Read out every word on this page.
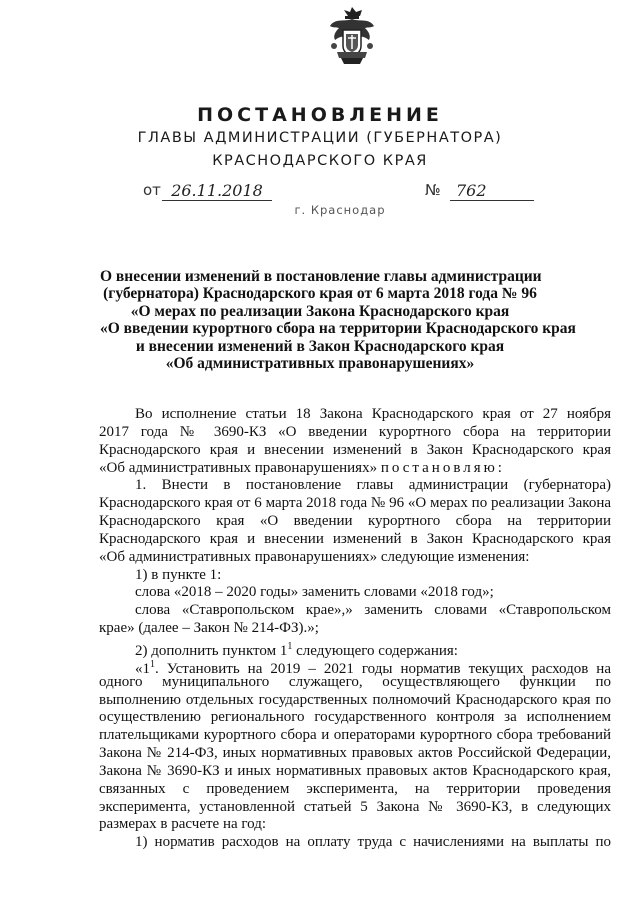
ПОСТАНОВЛЕНИЕ
ГЛАВЫ АДМИНИСТРАЦИИ (ГУБЕРНАТОРА)
КРАСНОДАРСКОГО КРАЯ
от 26.11.2018	№ 762
г. Краснодар
О внесении изменений в постановление главы администрации
(губернатора) Краснодарского края от 6 марта 2018 года № 96
«О мерах по реализации Закона Краснодарского края
«О введении курортного сбора на территории Краснодарского края
и внесении изменений в Закон Краснодарского края
«Об административных правонарушениях»
Во исполнение статьи 18 Закона Краснодарского края от 27 ноября
2017 года № 3690-КЗ «О введении курортного сбора на территории
Краснодарского края и внесении изменений в Закон Краснодарского края
«Об административных правонарушениях» постановляю:
1. Внести в постановление главы администрации (губернатора)
Краснодарского края от 6 марта 2018 года № 96 «О мерах по реализации Закона
Краснодарского края «О введении курортного сбора на территории
Краснодарского края и внесении изменений в Закон Краснодарского края
«Об административных правонарушениях» следующие изменения:
1) в пункте 1:
слова «2018 – 2020 годы» заменить словами «2018 год»;
слова «Ставропольском крае»,» заменить словами «Ставропольском
крае» (далее – Закон № 214-ФЗ).»;
2) дополнить пунктом $1^1$ следующего содержания:
«$1^1$. Установить на 2019 – 2021 годы норматив текущих расходов на
одного муниципального служащего, осуществляющего функции по
выполнению отдельных государственных полномочий Краснодарского края по
осуществлению регионального государственного контроля за исполнением
плательщиками курортного сбора и операторами курортного сбора требований
Закона № 214-ФЗ, иных нормативных правовых актов Российской Федерации,
Закона № 3690-КЗ и иных нормативных правовых актов Краснодарского края,
связанных с проведением эксперимента, на территории проведения
эксперимента, установленной статьей 5 Закона № 3690-КЗ, в следующих
размерах в расчете на год:
1) норматив расходов на оплату труда с начислениями на выплаты по
